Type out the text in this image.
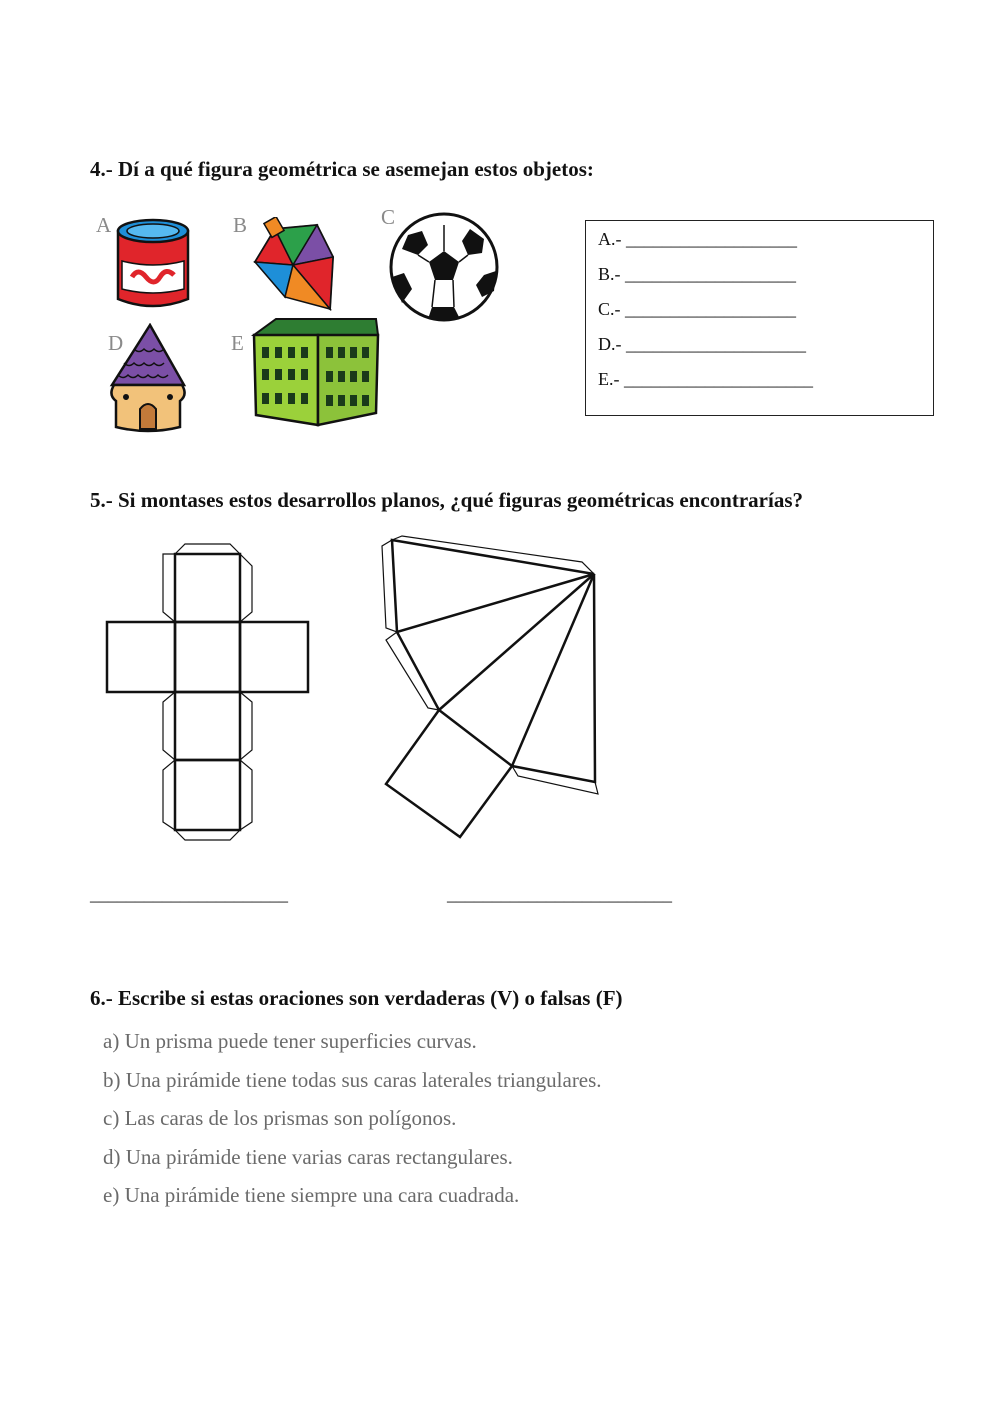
4.- Dí a qué figura geométrica se asemejan estos objetos:
A	B	C
D	E
A.- ___________________
B.- ___________________
C.- ___________________
D.- ____________________
E.- _____________________
5.- Si montases estos desarrollos planos, ¿qué figuras geométricas encontrarías?
______________________	_________________________
6.- Escribe si estas oraciones son verdaderas (V) o falsas (F)
a) Un prisma puede tener superficies curvas.
b) Una pirámide tiene todas sus caras laterales triangulares.
c) Las caras de los prismas son polígonos.
d) Una pirámide tiene varias caras rectangulares.
e) Una pirámide tiene siempre una cara cuadrada.
